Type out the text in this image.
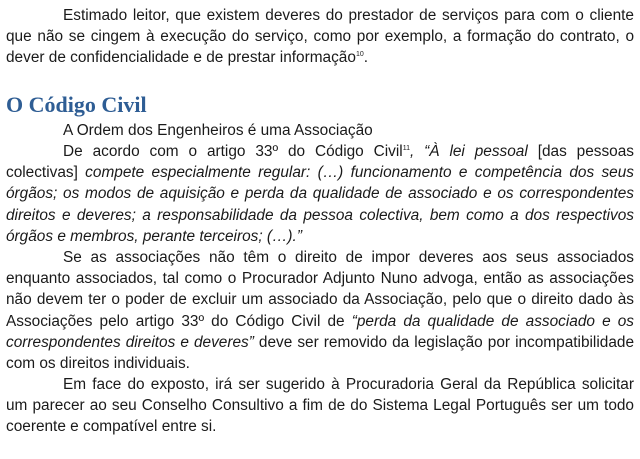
Estimado leitor, que existem deveres do prestador de serviços para com o cliente que não se cingem à execução do serviço, como por exemplo, a formação do contrato, o dever de confidencialidade e de prestar informação$^{10}$.

O Código Civil

A Ordem dos Engenheiros é uma Associação

De acordo com o artigo 33º do Código Civil$^{11}$, “À lei pessoal [das pessoas colectivas] compete especialmente regular: (…) funcionamento e competência dos seus órgãos; os modos de aquisição e perda da qualidade de associado e os correspondentes direitos e deveres; a responsabilidade da pessoa colectiva, bem como a dos respectivos órgãos e membros, perante terceiros; (…).”

Se as associações não têm o direito de impor deveres aos seus associados enquanto associados, tal como o Procurador Adjunto Nuno advoga, então as associações não devem ter o poder de excluir um associado da Associação, pelo que o direito dado às Associações pelo artigo 33º do Código Civil de “perda da qualidade de associado e os correspondentes direitos e deveres” deve ser removido da legislação por incompatibilidade com os direitos individuais.

Em face do exposto, irá ser sugerido à Procuradoria Geral da República solicitar um parecer ao seu Conselho Consultivo a fim de do Sistema Legal Português ser um todo coerente e compatível entre si.
